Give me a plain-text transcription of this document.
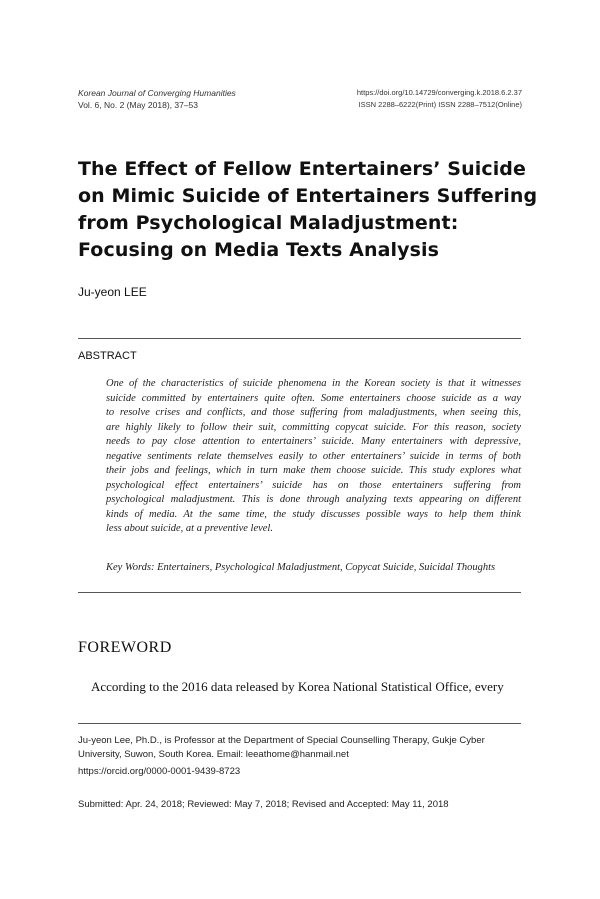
Korean Journal of Converging Humanities
Vol. 6, No. 2 (May 2018), 37–53
https://doi.org/10.14729/converging.k.2018.6.2.37
ISSN 2288–6222(Print) ISSN 2288–7512(Online)
The Effect of Fellow Entertainers’ Suicide
on Mimic Suicide of Entertainers Suffering
from Psychological Maladjustment:
Focusing on Media Texts Analysis
Ju-yeon LEE
ABSTRACT
One of the characteristics of suicide phenomena in the Korean society is that it witnesses
suicide committed by entertainers quite often. Some entertainers choose suicide as a way
to resolve crises and conflicts, and those suffering from maladjustments, when seeing this,
are highly likely to follow their suit, committing copycat suicide. For this reason, society
needs to pay close attention to entertainers’ suicide. Many entertainers with depressive,
negative sentiments relate themselves easily to other entertainers’ suicide in terms of both
their jobs and feelings, which in turn make them choose suicide. This study explores what
psychological effect entertainers’ suicide has on those entertainers suffering from
psychological maladjustment. This is done through analyzing texts appearing on different
kinds of media. At the same time, the study discusses possible ways to help them think
less about suicide, at a preventive level.
Key Words: Entertainers, Psychological Maladjustment, Copycat Suicide, Suicidal Thoughts
FOREWORD
According to the 2016 data released by Korea National Statistical Office, every
Ju-yeon Lee, Ph.D., is Professor at the Department of Special Counselling Therapy, Gukje Cyber
University, Suwon, South Korea. Email: leeathome@hanmail.net
https://orcid.org/0000-0001-9439-8723
Submitted: Apr. 24, 2018; Reviewed: May 7, 2018; Revised and Accepted: May 11, 2018
